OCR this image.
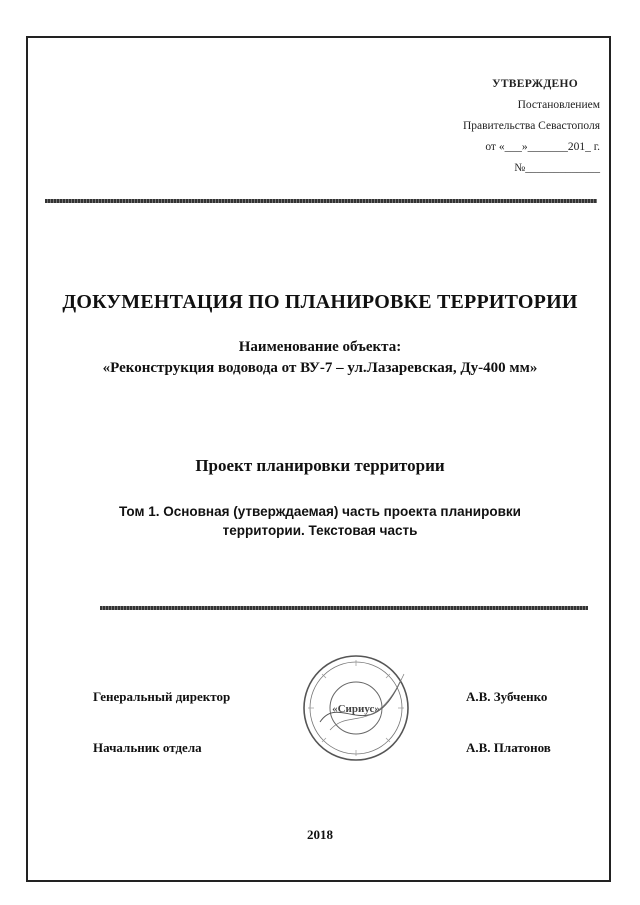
УТВЕРЖДЕНО
Постановлением
Правительства Севастополя
от «___»_______201_ г.
№_____________
ДОКУМЕНТАЦИЯ ПО ПЛАНИРОВКЕ ТЕРРИТОРИИ
Наименование объекта:
«Реконструкция водовода от ВУ-7 – ул.Лазаревская, Ду-400 мм»
Проект планировки территории
Том 1. Основная (утверждаемая) часть проекта планировки территории. Текстовая часть
Генеральный директор	А.В. Зубченко
Начальник отдела	А.В. Платонов
«Сириус»
2018
